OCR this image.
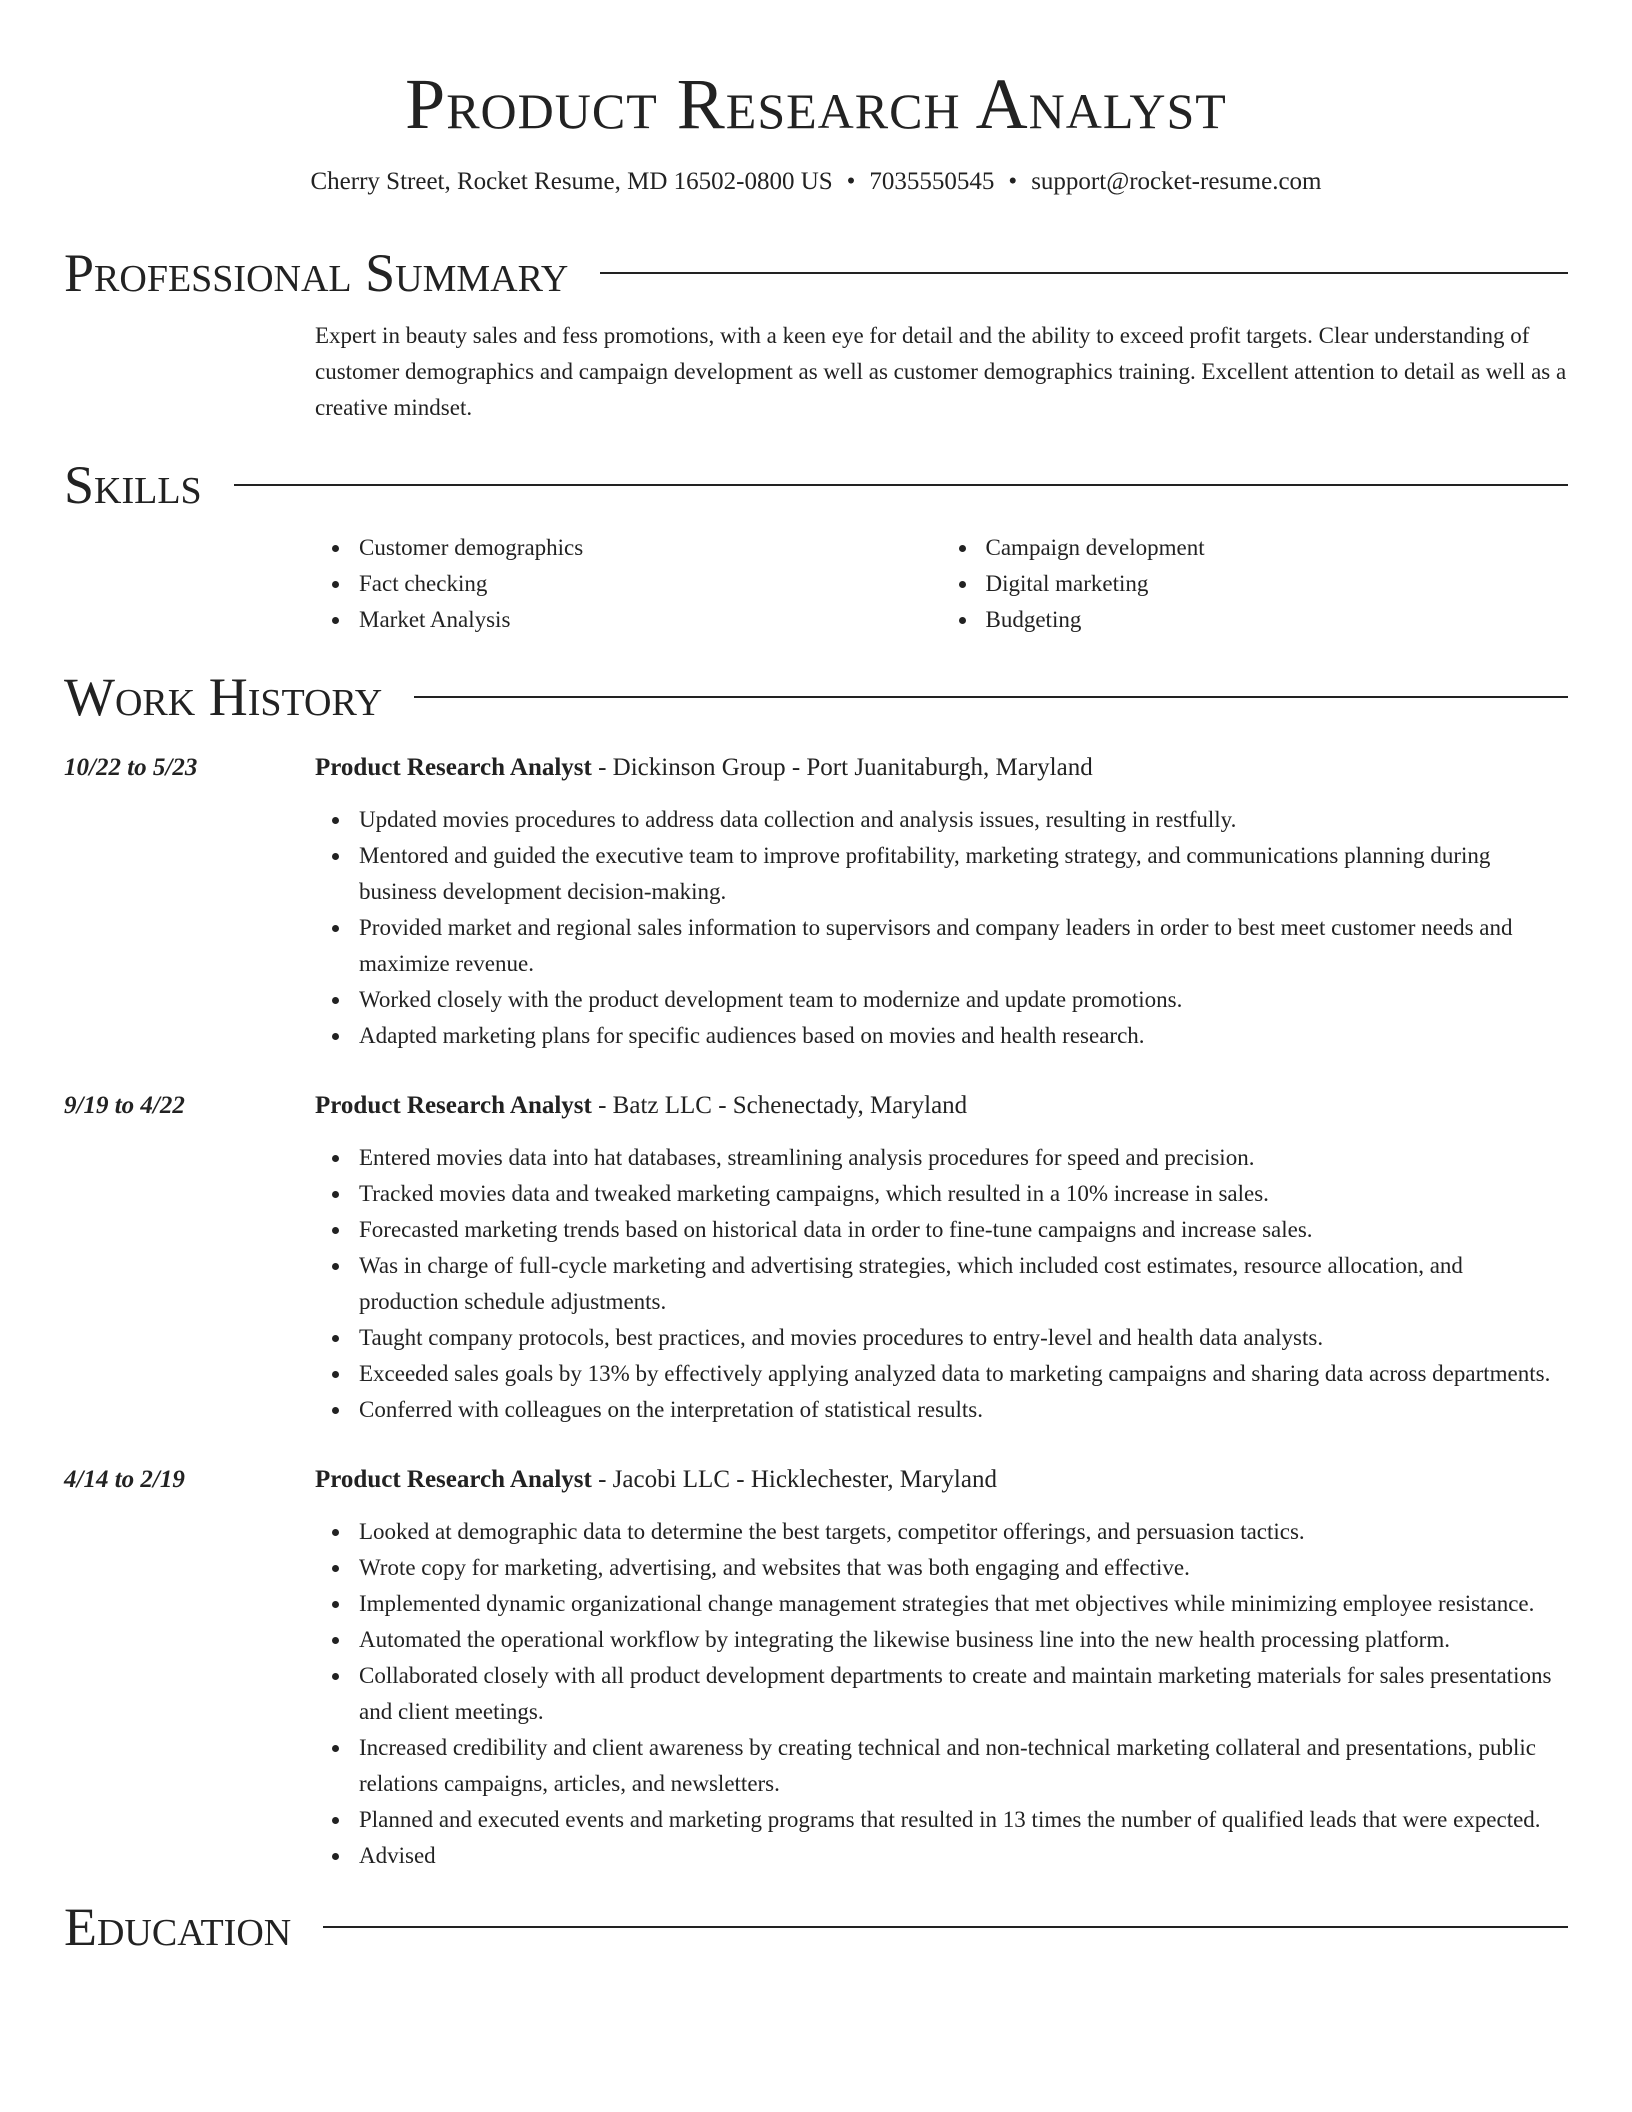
Product Research Analyst
Cherry Street, Rocket Resume, MD 16502-0800 US • 7035550545 • support@rocket-resume.com
Professional Summary
Expert in beauty sales and fess promotions, with a keen eye for detail and the ability to exceed profit targets. Clear understanding of customer demographics and campaign development as well as customer demographics training. Excellent attention to detail as well as a creative mindset.
Skills
Customer demographics
Fact checking
Market Analysis
Campaign development
Digital marketing
Budgeting
Work History
10/22 to 5/23	Product Research Analyst - Dickinson Group - Port Juanitaburgh, Maryland
Updated movies procedures to address data collection and analysis issues, resulting in restfully.
Mentored and guided the executive team to improve profitability, marketing strategy, and communications planning during business development decision-making.
Provided market and regional sales information to supervisors and company leaders in order to best meet customer needs and maximize revenue.
Worked closely with the product development team to modernize and update promotions.
Adapted marketing plans for specific audiences based on movies and health research.
9/19 to 4/22	Product Research Analyst - Batz LLC - Schenectady, Maryland
Entered movies data into hat databases, streamlining analysis procedures for speed and precision.
Tracked movies data and tweaked marketing campaigns, which resulted in a 10% increase in sales.
Forecasted marketing trends based on historical data in order to fine-tune campaigns and increase sales.
Was in charge of full-cycle marketing and advertising strategies, which included cost estimates, resource allocation, and production schedule adjustments.
Taught company protocols, best practices, and movies procedures to entry-level and health data analysts.
Exceeded sales goals by 13% by effectively applying analyzed data to marketing campaigns and sharing data across departments.
Conferred with colleagues on the interpretation of statistical results.
4/14 to 2/19	Product Research Analyst - Jacobi LLC - Hicklechester, Maryland
Looked at demographic data to determine the best targets, competitor offerings, and persuasion tactics.
Wrote copy for marketing, advertising, and websites that was both engaging and effective.
Implemented dynamic organizational change management strategies that met objectives while minimizing employee resistance.
Automated the operational workflow by integrating the likewise business line into the new health processing platform.
Collaborated closely with all product development departments to create and maintain marketing materials for sales presentations and client meetings.
Increased credibility and client awareness by creating technical and non-technical marketing collateral and presentations, public relations campaigns, articles, and newsletters.
Planned and executed events and marketing programs that resulted in 13 times the number of qualified leads that were expected.
Advised
Education
